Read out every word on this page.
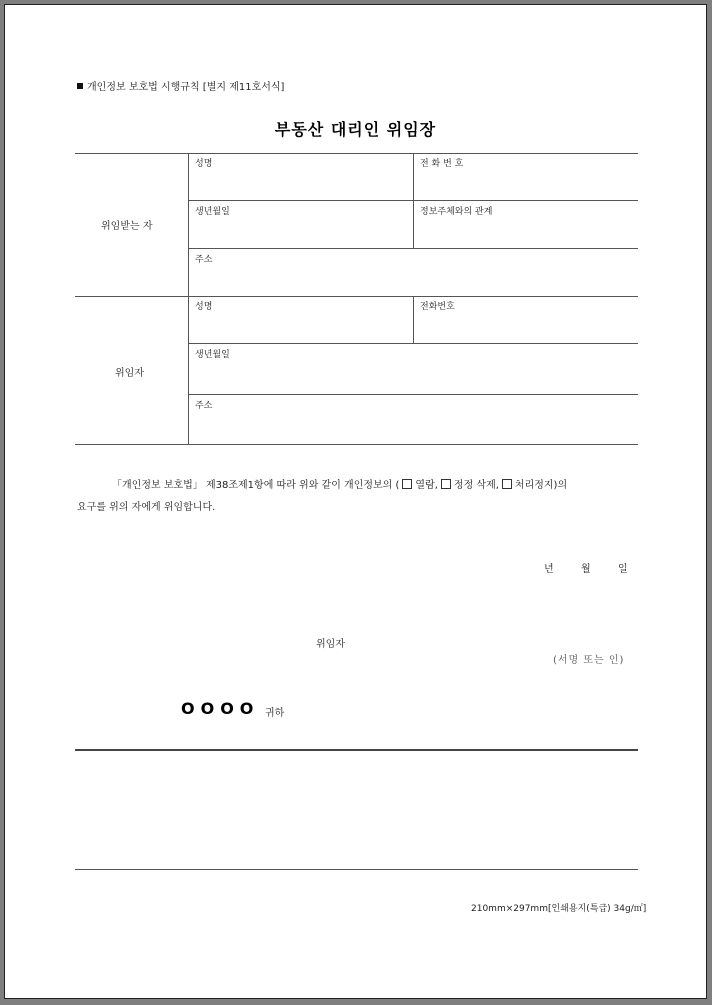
개인정보 보호법 시행규칙 [별지 제11호서식]
부동산 대리인 위임장
위임받는 자
성명	전 화 번 호
생년월일	정보주체와의 관계
주소
위임자
성명	전화번호
생년월일
주소
「개인정보 보호법」 제38조제1항에 따라 위와 같이 개인정보의 ( 열람, 정정 삭제, 처리정지)의
요구를 위의 자에게 위임합니다.
년	월	일
위임자
(서명 또는 인)
OOOO 귀하
210mm×297mm[인쇄용지(특급) 34g/㎡]
